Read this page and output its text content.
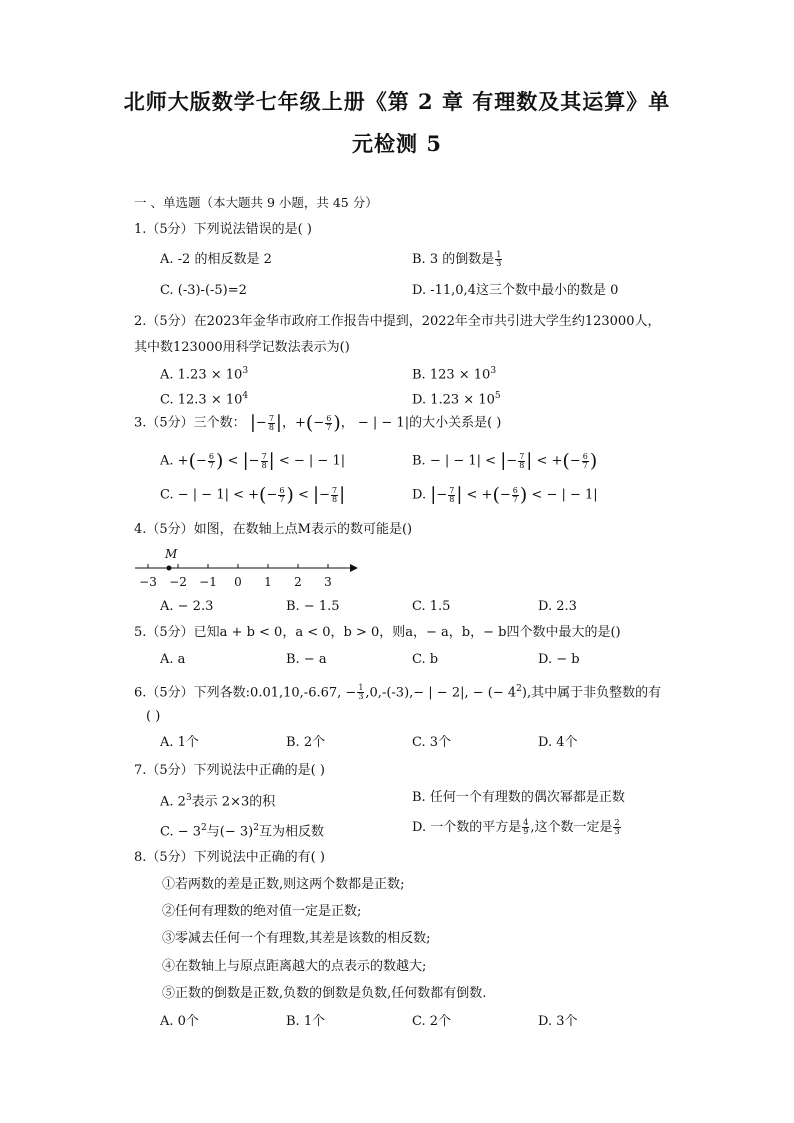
北师大版数学七年级上册《第 2 章 有理数及其运算》单
元检测 5
一 、单选题（本大题共 9 小题，共 45 分）
1.（5分）下列说法错误的是( )
A. -2 的相反数是 2	B. 3 的倒数是 $\frac{1}{3}$
C. (-3)-(-5)=2	D. -11,0,4这三个数中最小的数是 0
2.（5分）在2023年金华市政府工作报告中提到，2022年全市共引进大学生约123000人，其中数123000用科学记数法表示为()
A. $1.23 \times 10^3$	B. $123 \times 10^3$
C. $12.3 \times 10^4$	D. $1.23 \times 10^5$
3.（5分）三个数： |− $\frac{7}{8}$ |，+(− $\frac{6}{7}$ )， − | − 1|的大小关系是( )
A. +(− $\frac{6}{7}$ ) < |− $\frac{7}{8}$ | < − | − 1|	B. − | − 1| < |− $\frac{7}{8}$ | < +(− $\frac{6}{7}$ )
C. − | − 1| < +(− $\frac{6}{7}$ ) < |− $\frac{7}{8}$ |	D. |− $\frac{7}{8}$ | < +(− $\frac{6}{7}$ ) < − | − 1|
4.（5分）如图，在数轴上点M表示的数可能是()
−3 −2 −1 0 1 2 3
M
A. − 2.3	B. − 1.5	C. 1.5	D. 2.3
5.（5分）已知a + b < 0，a < 0，b > 0，则a，− a，b，− b四个数中最大的是()
A. a	B. − a	C. b	D. − b
6.（5分）下列各数:0.01,10,-6.67, − $\frac{1}{3} ,0,-(-3),-$ | − 2|, − (− $4^2$),其中属于非负整数的有
( )
A. 1个	B. 2个	C. 3个	D. 4个
7.（5分）下列说法中正确的是( )
A. $2^3$表示 2×3的积	B. 任何一个有理数的偶次幂都是正数
C. − $3^2$与(− 3)$^2$互为相反数	D. 一个数的平方是 $\frac{4}{9}$ ,这个数一定是 $\frac{2}{3}$
8.（5分）下列说法中正确的有( )
①若两数的差是正数,则这两个数都是正数;
②任何有理数的绝对值一定是正数;
③零减去任何一个有理数,其差是该数的相反数;
④在数轴上与原点距离越大的点表示的数越大;
⑤正数的倒数是正数,负数的倒数是负数,任何数都有倒数.
A. 0个	B. 1个	C. 2个	D. 3个
